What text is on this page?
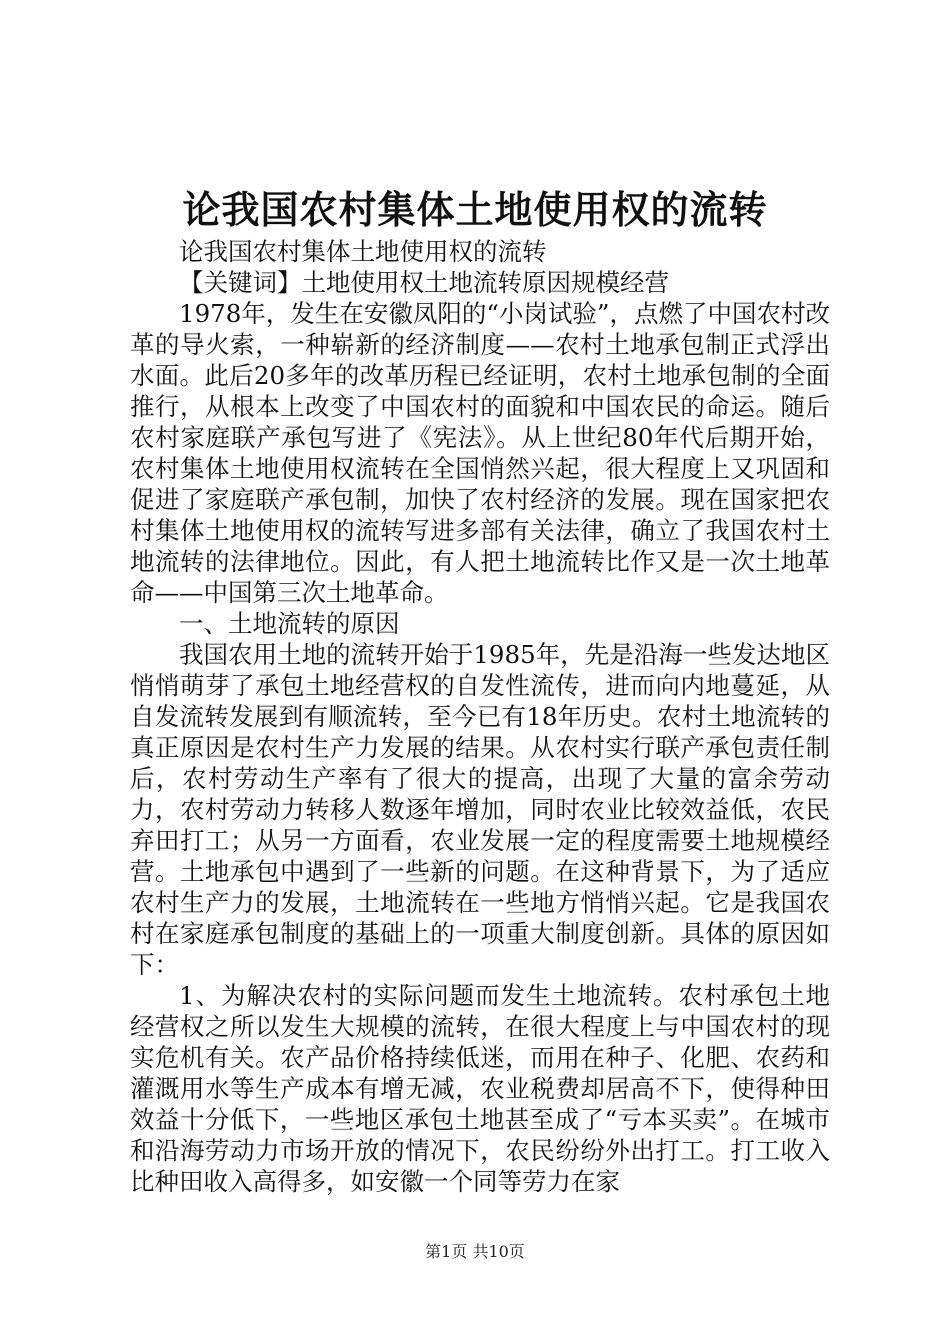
论我国农村集体土地使用权的流转

论我国农村集体土地使用权的流转

【关键词】土地使用权土地流转原因规模经营

1978年，发生在安徽凤阳的“小岗试验”，点燃了中国农村改革的导火索，一种崭新的经济制度——农村土地承包制正式浮出水面。此后20多年的改革历程已经证明，农村土地承包制的全面推行，从根本上改变了中国农村的面貌和中国农民的命运。随后农村家庭联产承包写进了《宪法》。从上世纪80年代后期开始，农村集体土地使用权流转在全国悄然兴起，很大程度上又巩固和促进了家庭联产承包制，加快了农村经济的发展。现在国家把农村集体土地使用权的流转写进多部有关法律，确立了我国农村土地流转的法律地位。因此，有人把土地流转比作又是一次土地革命——中国第三次土地革命。

一、土地流转的原因

我国农用土地的流转开始于1985年，先是沿海一些发达地区悄悄萌芽了承包土地经营权的自发性流传，进而向内地蔓延，从自发流转发展到有顺流转，至今已有18年历史。农村土地流转的真正原因是农村生产力发展的结果。从农村实行联产承包责任制后，农村劳动生产率有了很大的提高，出现了大量的富余劳动力，农村劳动力转移人数逐年增加，同时农业比较效益低，农民弃田打工；从另一方面看，农业发展一定的程度需要土地规模经营。土地承包中遇到了一些新的问题。在这种背景下，为了适应农村生产力的发展，土地流转在一些地方悄悄兴起。它是我国农村在家庭承包制度的基础上的一项重大制度创新。具体的原因如下：

1、为解决农村的实际问题而发生土地流转。农村承包土地经营权之所以发生大规模的流转，在很大程度上与中国农村的现实危机有关。农产品价格持续低迷，而用在种子、化肥、农药和灌溉用水等生产成本有增无减，农业税费却居高不下，使得种田效益十分低下，一些地区承包土地甚至成了“亏本买卖”。在城市和沿海劳动力市场开放的情况下，农民纷纷外出打工。打工收入比种田收入高得多，如安徽一个同等劳力在家

第1页 共10页
